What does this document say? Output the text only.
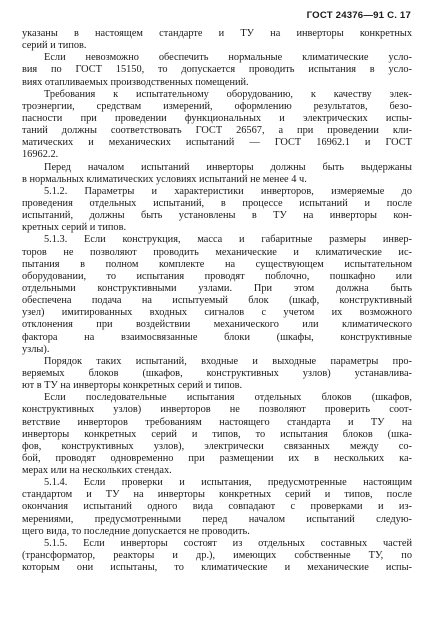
ГОСТ 24376—91 С. 17
указаны в настоящем стандарте и ТУ на инверторы конкретных
серий и типов.
Если невозможно обеспечить нормальные климатические усло-
вия по ГОСТ 15150, то допускается проводить испытания в усло-
виях отапливаемых производственных помещений.
Требования к испытательному оборудованию, к качеству элек-
троэнергии, средствам измерений, оформлению результатов, безо-
пасности при проведении функциональных и электрических испы-
таний должны соответствовать ГОСТ 26567, а при проведении кли-
матических и механических испытаний — ГОСТ 16962.1 и ГОСТ
16962.2.
Перед началом испытаний инверторы должны быть выдержаны
в нормальных климатических условиях испытаний не менее 4 ч.
5.1.2. Параметры и характеристики инверторов, измеряемые до
проведения отдельных испытаний, в процессе испытаний и после
испытаний, должны быть установлены в ТУ на инверторы кон-
кретных серий и типов.
5.1.3. Если конструкция, масса и габаритные размеры инвер-
торов не позволяют проводить механические и климатические ис-
пытания в полном комплекте на существующем испытательном
оборудовании, то испытания проводят поблочно, пошкафно или
отдельными конструктивными узлами. При этом должна быть
обеспечена подача на испытуемый блок (шкаф, конструктивный
узел) имитированных входных сигналов с учетом их возможного
отклонения при воздействии механического или климатического
фактора на взаимосвязанные блоки (шкафы, конструктивные
узлы).
Порядок таких испытаний, входные и выходные параметры про-
веряемых блоков (шкафов, конструктивных узлов) устанавлива-
ют в ТУ на инверторы конкретных серий и типов.
Если последовательные испытания отдельных блоков (шкафов,
конструктивных узлов) инверторов не позволяют проверить соот-
ветствие инверторов требованиям настоящего стандарта и ТУ на
инверторы конкретных серий и типов, то испытания блоков (шка-
фов, конструктивных узлов), электрически связанных между со-
бой, проводят одновременно при размещении их в нескольких ка-
мерах или на нескольких стендах.
5.1.4. Если проверки и испытания, предусмотренные настоящим
стандартом и ТУ на инверторы конкретных серий и типов, после
окончания испытаний одного вида совпадают с проверками и из-
мерениями, предусмотренными перед началом испытаний следую-
щего вида, то последние допускается не проводить.
5.1.5. Если инверторы состоят из отдельных составных частей
(трансформатор, реакторы и др.), имеющих собственные ТУ, по
которым они испытаны, то климатические и механические испы-
